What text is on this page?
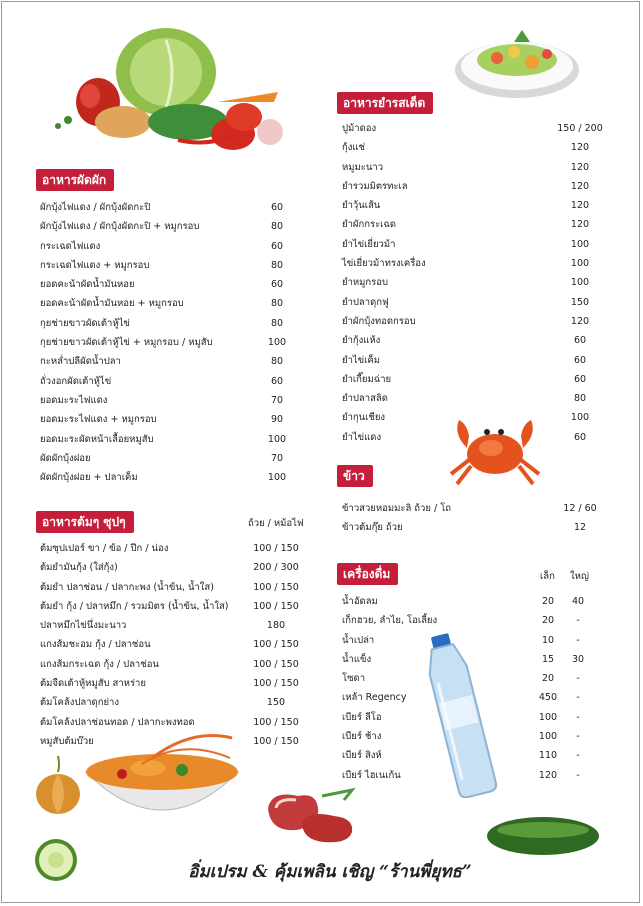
อาหารผัดผัก
ผักบุ้งไฟแดง / ผักบุ้งผัดกะปิ	60
ผักบุ้งไฟแดง / ผักบุ้งผัดกะปิ + หมูกรอบ	80
กระเฉดไฟแดง	60
กระเฉดไฟแดง + หมูกรอบ	80
ยอดคะน้าผัดน้ำมันหอย	60
ยอดคะน้าผัดน้ำมันหอย + หมูกรอบ	80
กุยช่ายขาวผัดเต้าหู้ไข่	80
กุยช่ายขาวผัดเต้าหู้ไข่ + หมูกรอบ / หมูสับ	100
กะหล่ำปลีผัดน้ำปลา	80
ถั่วงอกผัดเต้าหู้ไข่	60
ยอดมะระไฟแดง	70
ยอดมะระไฟแดง + หมูกรอบ	90
ยอดมะระผัดหน้าเลื้อยหมูสับ	100
ผัดผักบุ้งฝอย	70
ผัดผักบุ้งฝอย + ปลาเค็ม	100
อาหารต้มๆ ซุปๆ	ถ้วย / หม้อไฟ
ต้มซุปเปอร์ ขา / ข้อ / ปีก / น่อง	100 / 150
ต้มยำมันกุ้ง (ใส่กุ้ง)	200 / 300
ต้มยำ ปลาช่อน / ปลากะพง (น้ำข้น, น้ำใส)	100 / 150
ต้มยำ กุ้ง / ปลาหมึก / รวมมิตร (น้ำข้น, น้ำใส)	100 / 150
ปลาหมึกไข่นึ่งมะนาว	180
แกงส้มชะอม กุ้ง / ปลาช่อน	100 / 150
แกงส้มกระเฉด กุ้ง / ปลาช่อน	100 / 150
ต้มจืดเต้าหู้หมูสับ สาหร่าย	100 / 150
ต้มโคล้งปลาดุกย่าง	150
ต้มโคล้งปลาช่อนทอด / ปลากะพงทอด	100 / 150
หมูสับต้มบ๊วย	100 / 150
อาหารยำรสเด็ด
ปูม้าดอง	150 / 200
กุ้งแช่	120
หมูมะนาว	120
ยำรวมมิตรทะเล	120
ยำวุ้นเส้น	120
ยำผักกระเฉด	120
ยำไข่เยี่ยวม้า	100
ไข่เยี่ยวม้าทรงเครื่อง	100
ยำหมูกรอบ	100
ยำปลาดุกฟู	150
ยำผักบุ้งทอดกรอบ	120
ยำกุ้งแห้ง	60
ยำไข่เค็ม	60
ยำเกี๊ยมฉ่าย	60
ยำปลาสลิด	80
ยำกุนเชียง	100
ยำไข่แดง	60
ข้าว
ข้าวสวยหอมมะลิ ถ้วย / โถ	12 / 60
ข้าวต้มกุ๊ย ถ้วย	12
เครื่องดื่ม	เล็ก ใหญ่
น้ำอัดลม	20	40
เก็กฮวย, ลำไย, โอเลี้ยง	20	-
น้ำเปล่า	10	-
น้ำแข็ง	15	30
โซดา	20	-
เหล้า Regency	450	-
เบียร์ ลีโอ	100	-
เบียร์ ช้าง	100	-
เบียร์ สิงห์	110	-
เบียร์ ไฮเนเก้น	120	-
อิ่มเปรม & คุ้มเพลิน เชิญ “ร้านพี่ยุทธ”
